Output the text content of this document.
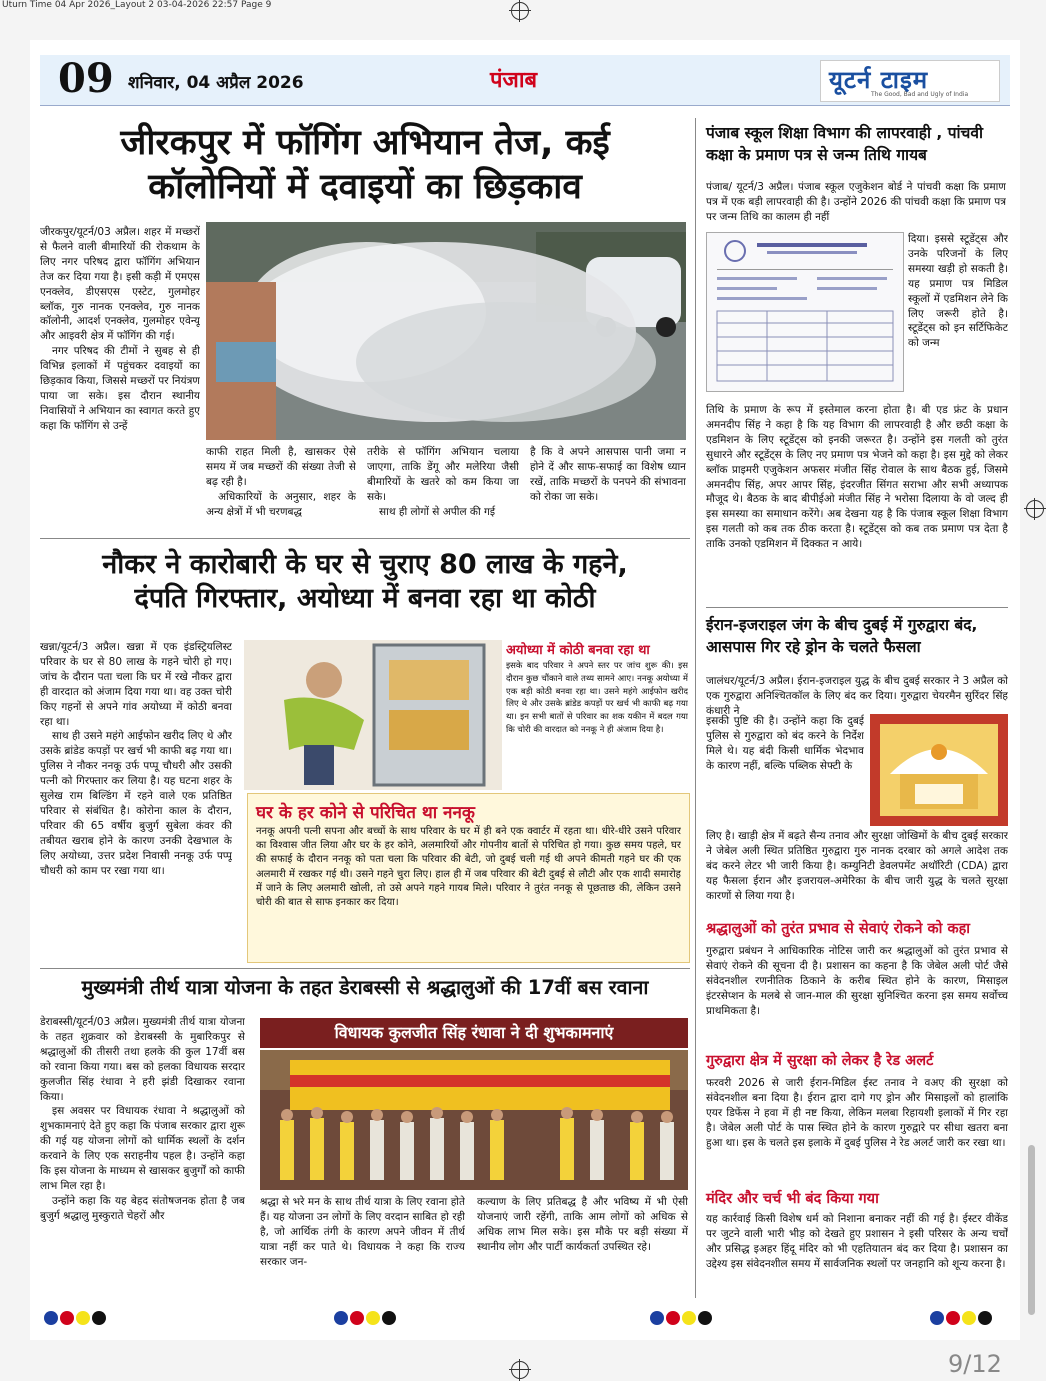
Uturn Time 04 Apr 2026_Layout 2 03-04-2026 22:57 Page 9
09 शनिवार, 04 अप्रैल 2026	पंजाब	यूटर्न टाइम
The Good, Bad and Ugly of India
जीरकपुर में फॉगिंग अभियान तेज, कई
कॉलोनियों में दवाइयों का छिड़काव

जीरकपुर/यूटर्न/03 अप्रैल। शहर में मच्छरों से फैलने वाली बीमारियों की रोकथाम के लिए नगर परिषद द्वारा फॉगिंग अभियान तेज कर दिया गया है। इसी कड़ी में एमएस एनक्लेव, डीएसएस एस्टेट, गुलमोहर ब्लॉक, गुरु नानक एनक्लेव, गुरु नानक कॉलोनी, आदर्श एनक्लेव, गुलमोहर एवेन्यू और आइवरी क्षेत्र में फॉगिंग की गई।

नगर परिषद की टीमों ने सुबह से ही विभिन्न इलाकों में पहुंचकर दवाइयों का छिड़काव किया, जिससे मच्छरों पर नियंत्रण पाया जा सके। इस दौरान स्थानीय निवासियों ने अभियान का स्वागत करते हुए कहा कि फॉगिंग से उन्हें

काफी राहत मिली है, खासकर ऐसे समय में जब मच्छरों की संख्या तेजी से बढ़ रही है।

अधिकारियों के अनुसार, शहर के अन्य क्षेत्रों में भी चरणबद्ध

तरीके से फॉगिंग अभियान चलाया जाएगा, ताकि डेंगू और मलेरिया जैसी बीमारियों के खतरे को कम किया जा सके।

साथ ही लोगों से अपील की गई

है कि वे अपने आसपास पानी जमा न होने दें और साफ-सफाई का विशेष ध्यान रखें, ताकि मच्छरों के पनपने की संभावना को रोका जा सके।

नौकर ने कारोबारी के घर से चुराए 80 लाख के गहने,
दंपति गिरफ्तार, अयोध्या में बनवा रहा था कोठी

खन्ना/यूटर्न/3 अप्रैल। खन्ना में एक इंडस्ट्रियलिस्ट परिवार के घर से 80 लाख के गहने चोरी हो गए। जांच के दौरान पता चला कि घर में रखे नौकर द्वारा ही वारदात को अंजाम दिया गया था। वह उक्त चोरी किए गहनों से अपने गांव अयोध्या में कोठी बनवा रहा था।

साथ ही उसने महंगे आईफोन खरीद लिए थे और उसके ब्रांडेड कपड़ों पर खर्च भी काफी बढ़ गया था। पुलिस ने नौकर ननकू उर्फ पप्पू चौधरी और उसकी पत्नी को गिरफ्तार कर लिया है। यह घटना शहर के सुलेख राम बिल्डिंग में रहने वाले एक प्रतिष्ठित परिवार से संबंधित है। कोरोना काल के दौरान, परिवार की 65 वर्षीय बुजुर्ग सुबेला कंवर की तबीयत खराब होने के कारण उनकी देखभाल के लिए अयोध्या, उत्तर प्रदेश निवासी ननकू उर्फ पप्पू चौधरी को काम पर रखा गया था।

अयोध्या में कोठी बनवा रहा था
इसके बाद परिवार ने अपने स्तर पर जांच शुरू की। इस दौरान कुछ चौंकाने वाले तथ्य सामने आए। ननकू अयोध्या में एक बड़ी कोठी बनवा रहा था। उसने महंगे आईफोन खरीद लिए थे और उसके ब्रांडेड कपड़ों पर खर्च भी काफी बढ़ गया था। इन सभी बातों से परिवार का शक यकीन में बदल गया कि चोरी की वारदात को ननकू ने ही अंजाम दिया है।
घर के हर कोने से परिचित था ननकू
ननकू अपनी पत्नी सपना और बच्चों के साथ परिवार के घर में ही बने एक क्वार्टर में रहता था। धीरे-धीरे उसने परिवार का विश्वास जीत लिया और घर के हर कोने, अलमारियों और गोपनीय बातों से परिचित हो गया। कुछ समय पहले, घर की सफाई के दौरान ननकू को पता चला कि परिवार की बेटी, जो दुबई चली गई थी अपने कीमती गहने घर की एक अलमारी में रखकर गई थी। उसने गहने चुरा लिए। हाल ही में जब परिवार की बेटी दुबई से लौटी और एक शादी समारोह में जाने के लिए अलमारी खोली, तो उसे अपने गहने गायब मिले। परिवार ने तुरंत ननकू से पूछताछ की, लेकिन उसने चोरी की बात से साफ इनकार कर दिया।
मुख्यमंत्री तीर्थ यात्रा योजना के तहत डेराबस्सी से श्रद्धालुओं की 17वीं बस रवाना

डेराबस्सी/यूटर्न/03 अप्रैल। मुख्यमंत्री तीर्थ यात्रा योजना के तहत शुक्रवार को डेराबस्सी के मुबारिकपुर से श्रद्धालुओं की तीसरी तथा हलके की कुल 17वीं बस को रवाना किया गया। बस को हलका विधायक सरदार कुलजीत सिंह रंधावा ने हरी झंडी दिखाकर रवाना किया।

इस अवसर पर विधायक रंधावा ने श्रद्धालुओं को शुभकामनाएं देते हुए कहा कि पंजाब सरकार द्वारा शुरू की गई यह योजना लोगों को धार्मिक स्थलों के दर्शन करवाने के लिए एक सराहनीय पहल है। उन्होंने कहा कि इस योजना के माध्यम से खासकर बुजुर्गों को काफी लाभ मिल रहा है।

उन्होंने कहा कि यह बेहद संतोषजनक होता है जब बुजुर्ग श्रद्धालु मुस्कुराते चेहरों और

विधायक कुलजीत सिंह रंधावा ने दी शुभकामनाएं

श्रद्धा से भरे मन के साथ तीर्थ यात्रा के लिए रवाना होते हैं। यह योजना उन लोगों के लिए वरदान साबित हो रही है, जो आर्थिक तंगी के कारण अपने जीवन में तीर्थ यात्रा नहीं कर पाते थे। विधायक ने कहा कि राज्य सरकार जन-

कल्याण के लिए प्रतिबद्ध है और भविष्य में भी ऐसी योजनाएं जारी रहेंगी, ताकि आम लोगों को अधिक से अधिक लाभ मिल सके। इस मौके पर बड़ी संख्या में स्थानीय लोग और पार्टी कार्यकर्ता उपस्थित रहे।

पंजाब स्कूल शिक्षा विभाग की लापरवाही , पांचवी कक्षा के प्रमाण पत्र से जन्म तिथि गायब
पंजाब/ यूटर्न/3 अप्रैल। पंजाब स्कूल एजुकेशन बोर्ड ने पांचवी कक्षा कि प्रमाण पत्र में एक बड़ी लापरवाही की है। उन्होंने 2026 की पांचवी कक्षा कि प्रमाण पत्र पर जन्म तिथि का कालम ही नहीं
दिया। इससे स्टूडेंट्स और उनके परिजनों के लिए समस्या खड़ी हो सकती है। यह प्रमाण पत्र मिडिल स्कूलों में एडमिशन लेने कि लिए जरूरी होते है। स्टूडेंट्स को इन सर्टिफिकेट को जन्म
तिथि के प्रमाण के रूप में इस्तेमाल करना होता है। बी एड फ्रंट के प्रधान अमनदीप सिंह ने कहा है कि यह विभाग की लापरवाही है और छठी कक्षा के एडमिशन के लिए स्टूडेंट्स को इनकी जरूरत है। उन्होंने इस गलती को तुरंत सुधारने और स्टूडेंट्स के लिए नए प्रमाण पत्र भेजने को कहा है। इस मुद्दे को लेकर ब्लॉक प्राइमरी एजुकेशन अफसर मंजीत सिंह रोवाल के साथ बैठक हुई, जिसमे अमनदीप सिंह, अपर आपर सिंह, इंदरजीत सिंगत सराभा और सभी अध्यापक मौजूद थे। बैठक के बाद बीपीईओ मंजीत सिंह ने भरोसा दिलाया के वो जल्द ही इस समस्या का समाधान करेंगे। अब देखना यह है कि पंजाब स्कूल शिक्षा विभाग इस गलती को कब तक ठीक करता है। स्टूडेंट्स को कब तक प्रमाण पत्र देता है ताकि उनको एडमिशन में दिक्कत न आये।
ईरान-इजराइल जंग के बीच दुबई में गुरुद्वारा बंद, आसपास गिर रहे ड्रोन के चलते फैसला
जालंधर/यूटर्न/3 अप्रैल। ईरान-इजराइल युद्ध के बीच दुबई सरकार ने 3 अप्रैल को एक गुरुद्वारा अनिश्चितकॉल के लिए बंद कर दिया। गुरुद्वारा चेयरमैन सुरिंदर सिंह कंधारी ने
इसकी पुष्टि की है। उन्होंने कहा कि दुबई पुलिस से गुरुद्वारा को बंद करने के निर्देश मिले थे। यह बंदी किसी धार्मिक भेदभाव के कारण नहीं, बल्कि पब्लिक सेफ्टी के
लिए है। खाड़ी क्षेत्र में बढ़ते सैन्य तनाव और सुरक्षा जोखिमों के बीच दुबई सरकार ने जेबेल अली स्थित प्रतिष्ठित गुरुद्वारा गुरु नानक दरबार को अगले आदेश तक बंद करने लेटर भी जारी किया है। कम्युनिटी डेवलपमेंट अथॉरिटी (CDA) द्वारा यह फैसला ईरान और इजरायल-अमेरिका के बीच जारी युद्ध के चलते सुरक्षा कारणों से लिया गया है।
श्रद्धालुओं को तुरंत प्रभाव से सेवाएं रोकने को कहा
गुरुद्वारा प्रबंधन ने आधिकारिक नोटिस जारी कर श्रद्धालुओं को तुरंत प्रभाव से सेवाएं रोकने की सूचना दी है। प्रशासन का कहना है कि जेबेल अली पोर्ट जैसे संवेदनशील रणनीतिक ठिकाने के करीब स्थित होने के कारण, मिसाइल इंटरसेप्शन के मलबे से जान-माल की सुरक्षा सुनिश्चित करना इस समय सर्वोच्च प्राथमिकता है।
गुरुद्वारा क्षेत्र में सुरक्षा को लेकर है रेड अलर्ट
फरवरी 2026 से जारी ईरान-मिडिल ईस्ट तनाव ने वअए की सुरक्षा को संवेदनशील बना दिया है। ईरान द्वारा दागे गए ड्रोन और मिसाइलों को हालांकि एयर डिफेंस ने हवा में ही नष्ट किया, लेकिन मलबा रिहायशी इलाकों में गिर रहा है। जेबेल अली पोर्ट के पास स्थित होने के कारण गुरुद्वारे पर सीधा खतरा बना हुआ था। इस के चलते इस इलाके में दुबई पुलिस ने रेड अलर्ट जारी कर रखा था।
मंदिर और चर्च भी बंद किया गया
यह कार्रवाई किसी विशेष धर्म को निशाना बनाकर नहीं की गई है। ईस्टर वीकेंड पर जुटने वाली भारी भीड़ को देखते हुए प्रशासन ने इसी परिसर के अन्य चर्चों और प्रसिद्ध इअहर हिंदू मंदिर को भी एहतियातन बंद कर दिया है। प्रशासन का उद्देश्य इस संवेदनशील समय में सार्वजनिक स्थलों पर जनहानि को शून्य करना है।
9/12
